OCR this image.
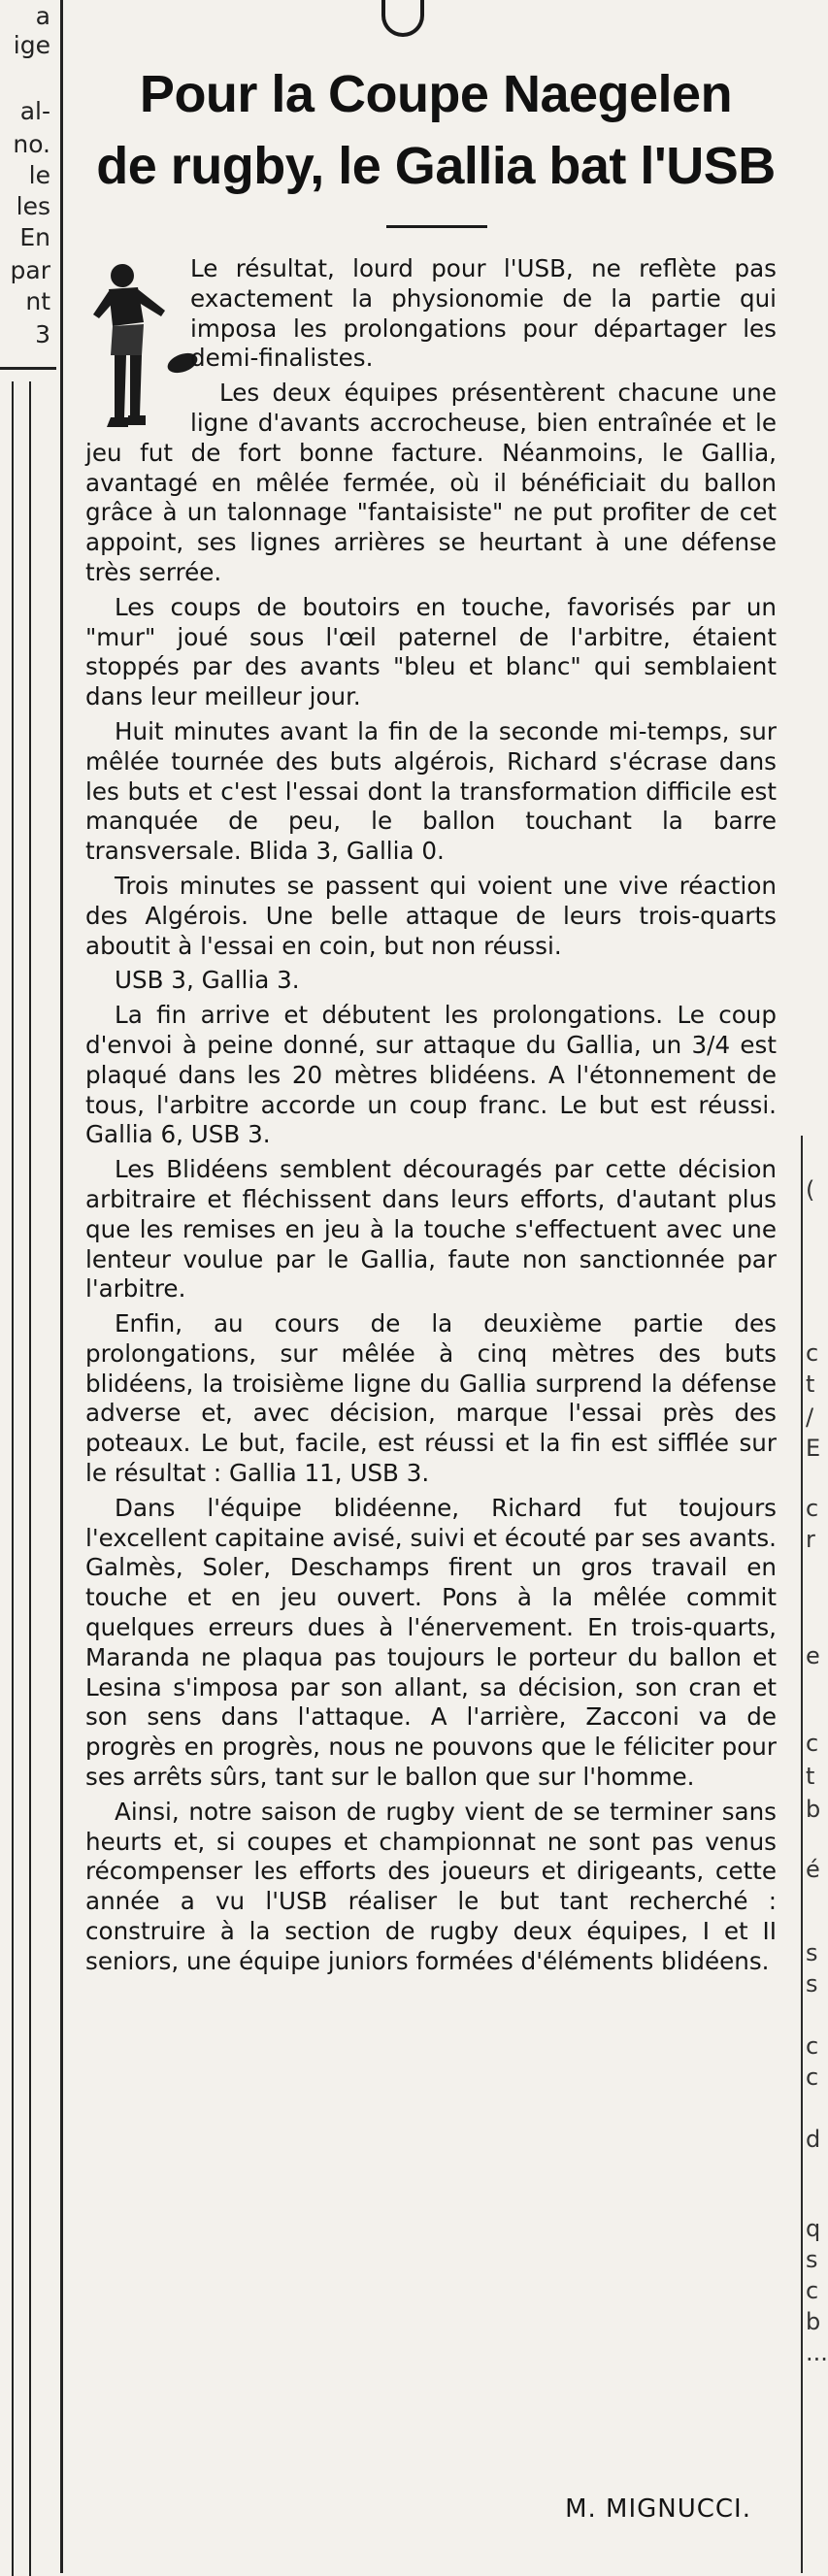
a
ige
al-
no.
le
les
En
par
nt
3
(
c
t
/
E
c
r
e
c
t
b
é
s
s
c
c
d
q
s
c
b
...
Pour la Coupe Naegelen
de rugby, le Gallia bat l'USB

Le résultat, lourd pour l'USB, ne reflète pas exactement la physionomie de la partie qui imposa les prolongations pour départager les demi-finalistes.

Les deux équipes présentèrent chacune une ligne d'avants accrocheuse, bien entraînée et le jeu fut de fort bonne facture. Néanmoins, le Gallia, avantagé en mêlée fermée, où il bénéficiait du ballon grâce à un talonnage "fantaisiste" ne put profiter de cet appoint, ses lignes arrières se heurtant à une défense très serrée.

Les coups de boutoirs en touche, favorisés par un "mur" joué sous l'œil paternel de l'arbitre, étaient stoppés par des avants "bleu et blanc" qui semblaient dans leur meilleur jour.

Huit minutes avant la fin de la seconde mi-temps, sur mêlée tournée des buts algérois, Richard s'écrase dans les buts et c'est l'essai dont la transformation difficile est manquée de peu, le ballon touchant la barre transversale. Blida 3, Gallia 0.

Trois minutes se passent qui voient une vive réaction des Algérois. Une belle attaque de leurs trois-quarts aboutit à l'essai en coin, but non réussi.

USB 3, Gallia 3.

La fin arrive et débutent les prolongations. Le coup d'envoi à peine donné, sur attaque du Gallia, un 3/4 est plaqué dans les 20 mètres blidéens. A l'étonnement de tous, l'arbitre accorde un coup franc. Le but est réussi. Gallia 6, USB 3.

Les Blidéens semblent découragés par cette décision arbitraire et fléchissent dans leurs efforts, d'autant plus que les remises en jeu à la touche s'effectuent avec une lenteur voulue par le Gallia, faute non sanctionnée par l'arbitre.

Enfin, au cours de la deuxième partie des prolongations, sur mêlée à cinq mètres des buts blidéens, la troisième ligne du Gallia surprend la défense adverse et, avec décision, marque l'essai près des poteaux. Le but, facile, est réussi et la fin est sifflée sur le résultat : Gallia 11, USB 3.

Dans l'équipe blidéenne, Richard fut toujours l'excellent capitaine avisé, suivi et écouté par ses avants. Galmès, Soler, Deschamps firent un gros travail en touche et en jeu ouvert. Pons à la mêlée commit quelques erreurs dues à l'énervement. En trois-quarts, Maranda ne plaqua pas toujours le porteur du ballon et Lesina s'imposa par son allant, sa décision, son cran et son sens dans l'attaque. A l'arrière, Zacconi va de progrès en progrès, nous ne pouvons que le féliciter pour ses arrêts sûrs, tant sur le ballon que sur l'homme.

Ainsi, notre saison de rugby vient de se terminer sans heurts et, si coupes et championnat ne sont pas venus récompenser les efforts des joueurs et dirigeants, cette année a vu l'USB réaliser le but tant recherché : construire à la section de rugby deux équipes, I et II seniors, une équipe juniors formées d'éléments blidéens.

M. MIGNUCCI.
